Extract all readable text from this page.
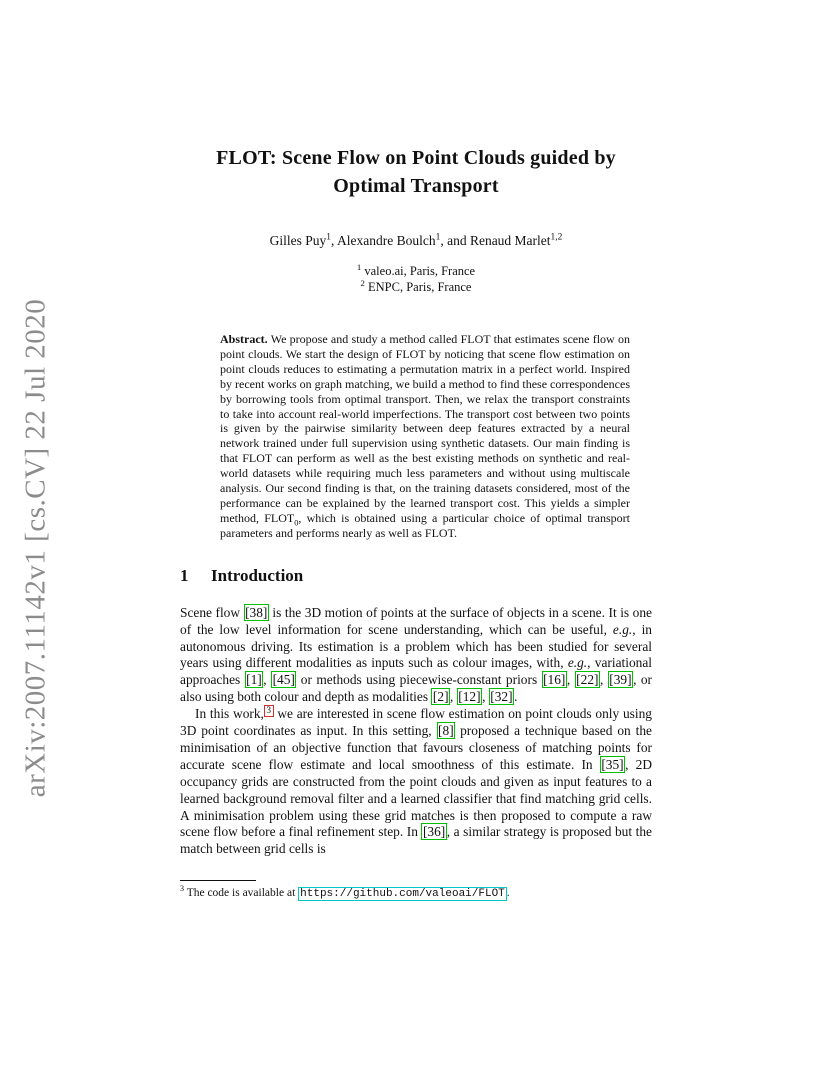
arXiv:2007.11142v1 [cs.CV] 22 Jul 2020
FLOT: Scene Flow on Point Clouds guided by
Optimal Transport
Gilles Puy$^1$, Alexandre Boulch$^1$, and Renaud Marlet$^{1,2}$
$^1$ valeo.ai, Paris, France
$^2$ ENPC, Paris, France

Abstract. We propose and study a method called FLOT that estimates scene flow on point clouds. We start the design of FLOT by noticing that scene flow estimation on point clouds reduces to estimating a permutation matrix in a perfect world. Inspired by recent works on graph matching, we build a method to find these correspondences by borrowing tools from optimal transport. Then, we relax the transport constraints to take into account real-world imperfections. The transport cost between two points is given by the pairwise similarity between deep features extracted by a neural network trained under full supervision using synthetic datasets. Our main finding is that FLOT can perform as well as the best existing methods on synthetic and real-world datasets while requiring much less parameters and without using multiscale analysis. Our second finding is that, on the training datasets considered, most of the performance can be explained by the learned transport cost. This yields a simpler method, $FLOT_0$, which is obtained using a particular choice of optimal transport parameters and performs nearly as well as FLOT.

1 Introduction

Scene flow [38] is the 3D motion of points at the surface of objects in a scene. It is one of the low level information for scene understanding, which can be useful, e.g., in autonomous driving. Its estimation is a problem which has been studied for several years using different modalities as inputs such as colour images, with, e.g., variational approaches [1] , [45] or methods using piecewise-constant priors [16] , [22] , [39] , or also using both colour and depth as modalities [2] , [12] , [32] .

In this work, $^3$ we are interested in scene flow estimation on point clouds only using 3D point coordinates as input. In this setting, [8] proposed a technique based on the minimisation of an objective function that favours closeness of matching points for accurate scene flow estimate and local smoothness of this estimate. In [35] , 2D occupancy grids are constructed from the point clouds and given as input features to a learned background removal filter and a learned classifier that find matching grid cells. A minimisation problem using these grid matches is then proposed to compute a raw scene flow before a final refinement step. In [36] , a similar strategy is proposed but the match between grid cells is

$^3$ The code is available at https://github.com/valeoai/FLOT .
